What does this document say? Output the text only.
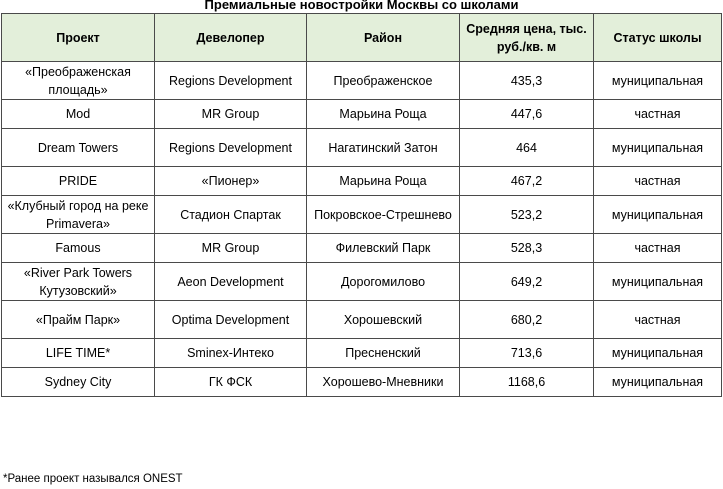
Премиальные новостройки Москвы со школами
Проект	Девелопер	Район	Средняя цена, тыс. руб./кв. м	Статус школы
«Преображенская площадь»	Regions Development	Преображенское	435,3	муниципальная
Mod	MR Group	Марьина Роща	447,6	частная
Dream Towers	Regions Development	Нагатинский Затон	464	муниципальная
PRIDE	«Пионер»	Марьина Роща	467,2	частная
«Клубный город на реке Primavera»	Стадион Спартак	Покровское-Стрешнево	523,2	муниципальная
Famous	MR Group	Филевский Парк	528,3	частная
«River Park Towers Кутузовский»	Aeon Development	Дорогомилово	649,2	муниципальная
«Прайм Парк»	Optima Development	Хорошевский	680,2	частная
LIFE TIME*	Sminex-Интеко	Пресненский	713,6	муниципальная
Sydney City	ГК ФСК	Хорошево-Мневники	1168,6	муниципальная
*Ранее проект назывался ONEST
